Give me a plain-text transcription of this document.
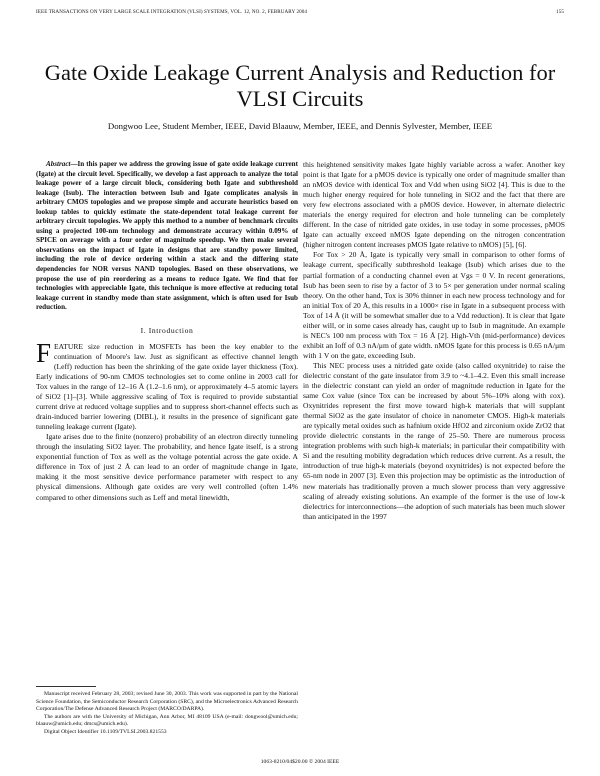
IEEE TRANSACTIONS ON VERY LARGE SCALE INTEGRATION (VLSI) SYSTEMS, VOL. 12, NO. 2, FEBRUARY 2004	155
Gate Oxide Leakage Current Analysis and Reduction for VLSI Circuits
Dongwoo Lee, Student Member, IEEE, David Blaauw, Member, IEEE, and Dennis Sylvester, Member, IEEE

Abstract—In this paper we address the growing issue of gate oxide leakage current (Igate) at the circuit level. Specifically, we develop a fast approach to analyze the total leakage power of a large circuit block, considering both Igate and subthreshold leakage (Isub). The interaction between Isub and Igate complicates analysis in arbitrary CMOS topologies and we propose simple and accurate heuristics based on lookup tables to quickly estimate the state-dependent total leakage current for arbitrary circuit topologies. We apply this method to a number of benchmark circuits using a projected 100-nm technology and demonstrate accuracy within 0.09% of SPICE on average with a four order of magnitude speedup. We then make several observations on the impact of Igate in designs that are standby power limited, including the role of device ordering within a stack and the differing state dependencies for NOR versus NAND topologies. Based on these observations, we propose the use of pin reordering as a means to reduce Igate. We find that for technologies with appreciable Igate, this technique is more effective at reducing total leakage current in standby mode than state assignment, which is often used for Isub reduction.

I. Introduction

FEATURE size reduction in MOSFETs has been the key enabler to the continuation of Moore's law. Just as significant as effective channel length (Leff) reduction has been the shrinking of the gate oxide layer thickness (Tox). Early indications of 90-nm CMOS technologies set to come online in 2003 call for Tox values in the range of 12–16 Å (1.2–1.6 nm), or approximately 4–5 atomic layers of SiO2 [1]–[3]. While aggressive scaling of Tox is required to provide substantial current drive at reduced voltage supplies and to suppress short-channel effects such as drain-induced barrier lowering (DIBL), it results in the presence of significant gate tunneling leakage current (Igate).

Igate arises due to the finite (nonzero) probability of an electron directly tunneling through the insulating SiO2 layer. The probability, and hence Igate itself, is a strong exponential function of Tox as well as the voltage potential across the gate oxide. A difference in Tox of just 2 Å can lead to an order of magnitude change in Igate, making it the most sensitive device performance parameter with respect to any physical dimensions. Although gate oxides are very well controlled (often 1.4% compared to other dimensions such as Leff and metal linewidth,

Manuscript received February 28, 2003; revised June 30, 2003. This work was supported in part by the National Science Foundation, the Semiconductor Research Corporation (SRC), and the Microelectronics Advanced Research Corporation/The Defense Advanced Research Project (MARCO/DARPA).

The authors are with the University of Michigan, Ann Arbor, MI 48109 USA (e-mail: dongwool@umich.edu; blaauw@umich.edu; dmcs@umich.edu).

Digital Object Identifier 10.1109/TVLSI.2003.821553

this heightened sensitivity makes Igate highly variable across a wafer. Another key point is that Igate for a pMOS device is typically one order of magnitude smaller than an nMOS device with identical Tox and Vdd when using SiO2 [4]. This is due to the much higher energy required for hole tunneling in SiO2 and the fact that there are very few electrons associated with a pMOS device. However, in alternate dielectric materials the energy required for electron and hole tunneling can be completely different. In the case of nitrided gate oxides, in use today in some processes, pMOS Igate can actually exceed nMOS Igate depending on the nitrogen concentration (higher nitrogen content increases pMOS Igate relative to nMOS) [5], [6].

For Tox > 20 Å, Igate is typically very small in comparison to other forms of leakage current, specifically subthreshold leakage (Isub) which arises due to the partial formation of a conducting channel even at Vgs = 0 V. In recent generations, Isub has been seen to rise by a factor of 3 to 5× per generation under normal scaling theory. On the other hand, Tox is 30% thinner in each new process technology and for an initial Tox of 20 Å, this results in a 1000× rise in Igate in a subsequent process with Tox of 14 Å (it will be somewhat smaller due to a Vdd reduction). It is clear that Igate either will, or in some cases already has, caught up to Isub in magnitude. An example is NEC's 100 nm process with Tox = 16 Å [2]. High-Vth (mid-performance) devices exhibit an Ioff of 0.3 nA/μm of gate width. nMOS Igate for this process is 0.65 nA/μm with 1 V on the gate, exceeding Isub.

This NEC process uses a nitrided gate oxide (also called oxynitride) to raise the dielectric constant of the gate insulator from 3.9 to ~4.1–4.2. Even this small increase in the dielectric constant can yield an order of magnitude reduction in Igate for the same Cox value (since Tox can be increased by about 5%–10% along with εox). Oxynitrides represent the first move toward high-k materials that will supplant thermal SiO2 as the gate insulator of choice in nanometer CMOS. High-k materials are typically metal oxides such as hafnium oxide HfO2 and zirconium oxide ZrO2 that provide dielectric constants in the range of 25–50. There are numerous process integration problems with such high-k materials; in particular their compatibility with Si and the resulting mobility degradation which reduces drive current. As a result, the introduction of true high-k materials (beyond oxynitrides) is not expected before the 65-nm node in 2007 [3]. Even this projection may be optimistic as the introduction of new materials has traditionally proven a much slower process than very aggressive scaling of already existing solutions. An example of the former is the use of low-k dielectrics for interconnections—the adoption of such materials has been much slower than anticipated in the 1997

1063-8210/04$20.00 © 2004 IEEE
